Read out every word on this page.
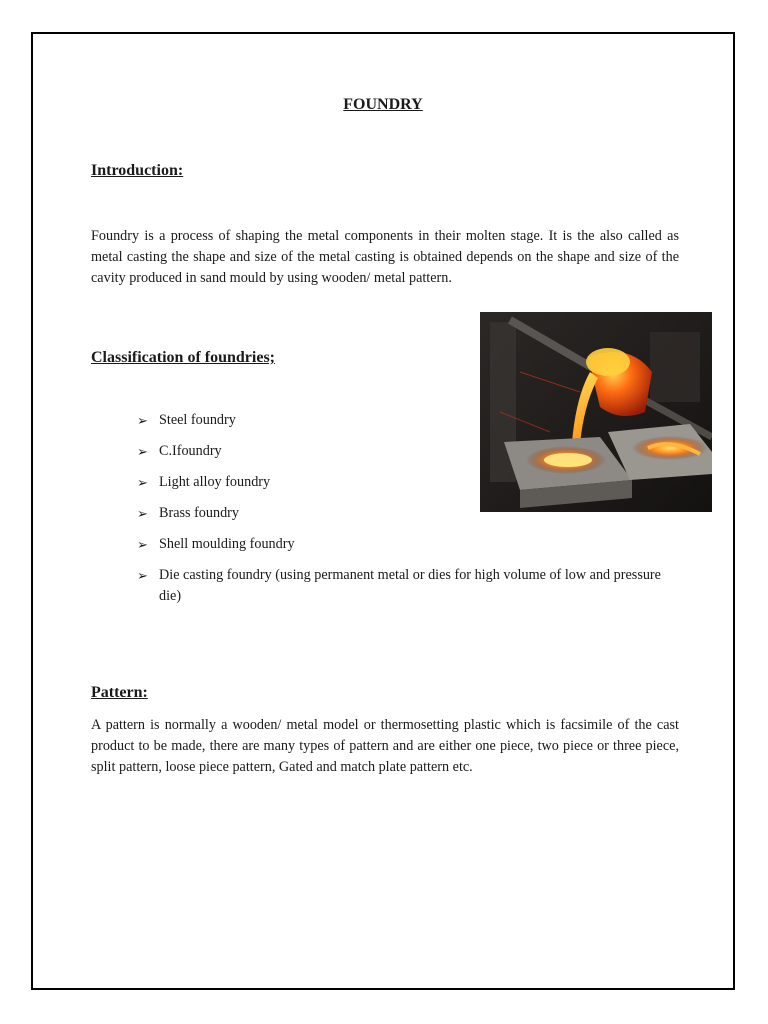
FOUNDRY
Introduction:
Foundry is a process of shaping the metal components in their molten stage. It is the also called as metal casting the shape and size of the metal casting is obtained depends on the shape and size of the cavity produced in sand mould by using wooden/ metal pattern.
Classification of foundries;
➢ Steel foundry
➢ C.Ifoundry
➢ Light alloy foundry
➢ Brass foundry
➢ Shell moulding foundry
➢ Die casting foundry (using permanent metal or dies for high volume of low and pressure die)
Pattern:
A pattern is normally a wooden/ metal model or thermosetting plastic which is facsimile of the cast product to be made, there are many types of pattern and are either one piece, two piece or three piece, split pattern, loose piece pattern, Gated and match plate pattern etc.
